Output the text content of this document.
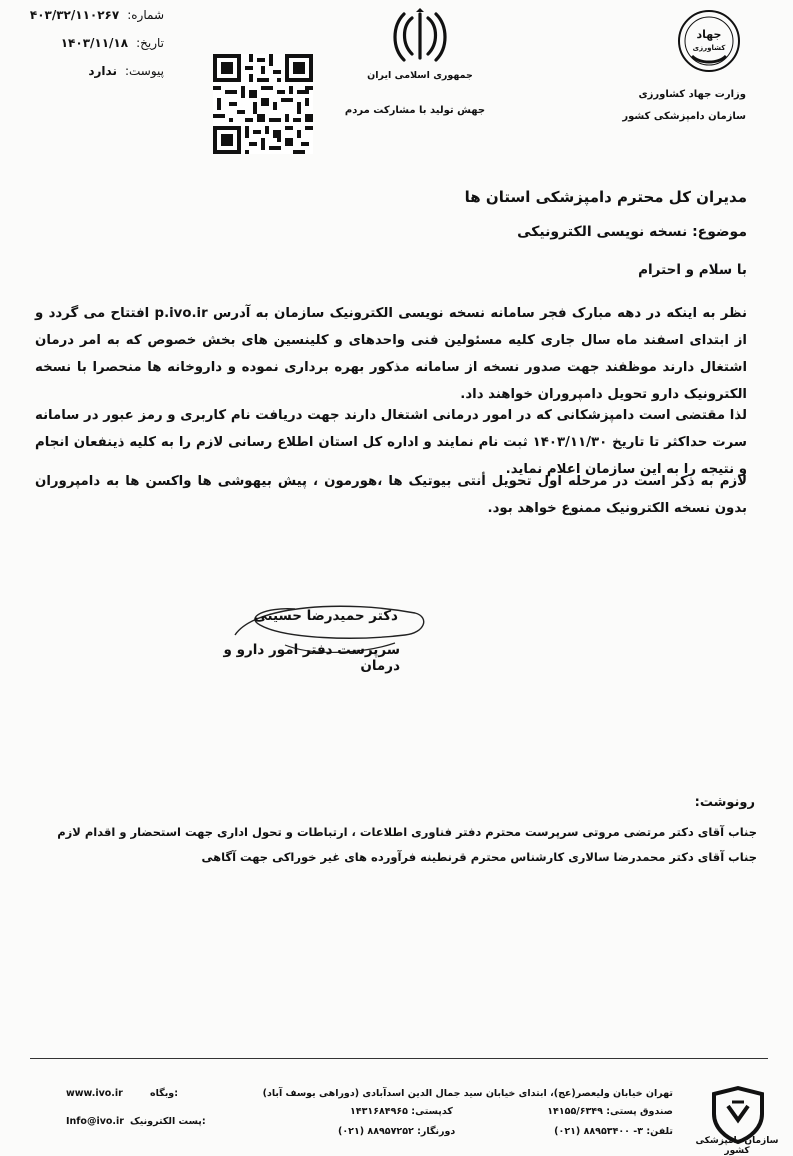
شماره:
۴۰۳/۳۲/۱۱۰۲۶۷
تاریخ:
۱۴۰۳/۱۱/۱۸
پیوست:
ندارد	جمهوری اسلامی ایران
جهش تولید با مشارکت مردم
جهاد
کشاورزی
وزارت جهاد کشاورزی
سازمان دامپزشکی کشور
مدیران کل محترم دامپزشکی استان ها
موضوع: نسخه نویسی الکترونیکی
با سلام و احترام
نظر به اینکه در دهه مبارک فجر سامانه نسخه نویسی الکترونیک سازمان به آدرس p.ivo.ir افتتاح می گردد و از ابتدای اسفند ماه سال جاری کلیه مسئولین فنی واحدهای و کلینسین های بخش خصوص که به امر درمان اشتغال دارند موظفند جهت صدور نسخه از سامانه مذکور بهره برداری نموده و داروخانه ها منحصرا با نسخه الکترونیک دارو تحویل دامپروران خواهند داد.
لذا مقتضی است دامپزشکانی که در امور درمانی اشتغال دارند جهت دریافت نام کاربری و رمز عبور در سامانه سرت حداکثر تا تاریخ ۱۴۰۳/۱۱/۳۰ ثبت نام نمایند و اداره کل استان اطلاع رسانی لازم را به کلیه ذینفعان انجام و نتیجه را به این سازمان اعلام نماید.
لازم به ذکر است در مرحله اول تحویل أنتی بیوتیک ها ،هورمون ، پیش بیهوشی ها واکسن ها به دامپروران بدون نسخه الکترونیک ممنوع خواهد بود.
دکتر حمیدرضا حسینی
سرپرست دفتر امور دارو و درمان
رونوشت:
جناب آقای دکتر مرتضی مروتی سرپرست محترم دفتر فناوری اطلاعات ، ارتباطات و تحول اداری جهت استحضار و اقدام لازم
جناب آقای دکتر محمدرضا سالاری کارشناس محترم قرنطینه فرآورده های غیر خوراکی جهت آگاهی
سازمان دامپزشکی کشور
تهران خیابان ولیعصر(عج)، ابتدای خیابان سید جمال الدین اسدآبادی (دوراهی یوسف آباد)
صندوق پستی: ۱۴۱۵۵/۶۳۴۹
کدپستی: ۱۴۳۱۶۸۴۹۶۵
تلفن: ۳- ۸۸۹۵۳۴۰۰ (۰۲۱)
دورنگار: ۸۸۹۵۷۲۵۲ (۰۲۱)
وبگاه:
www.ivo.ir
پست الکترونیک:
Info@ivo.ir
